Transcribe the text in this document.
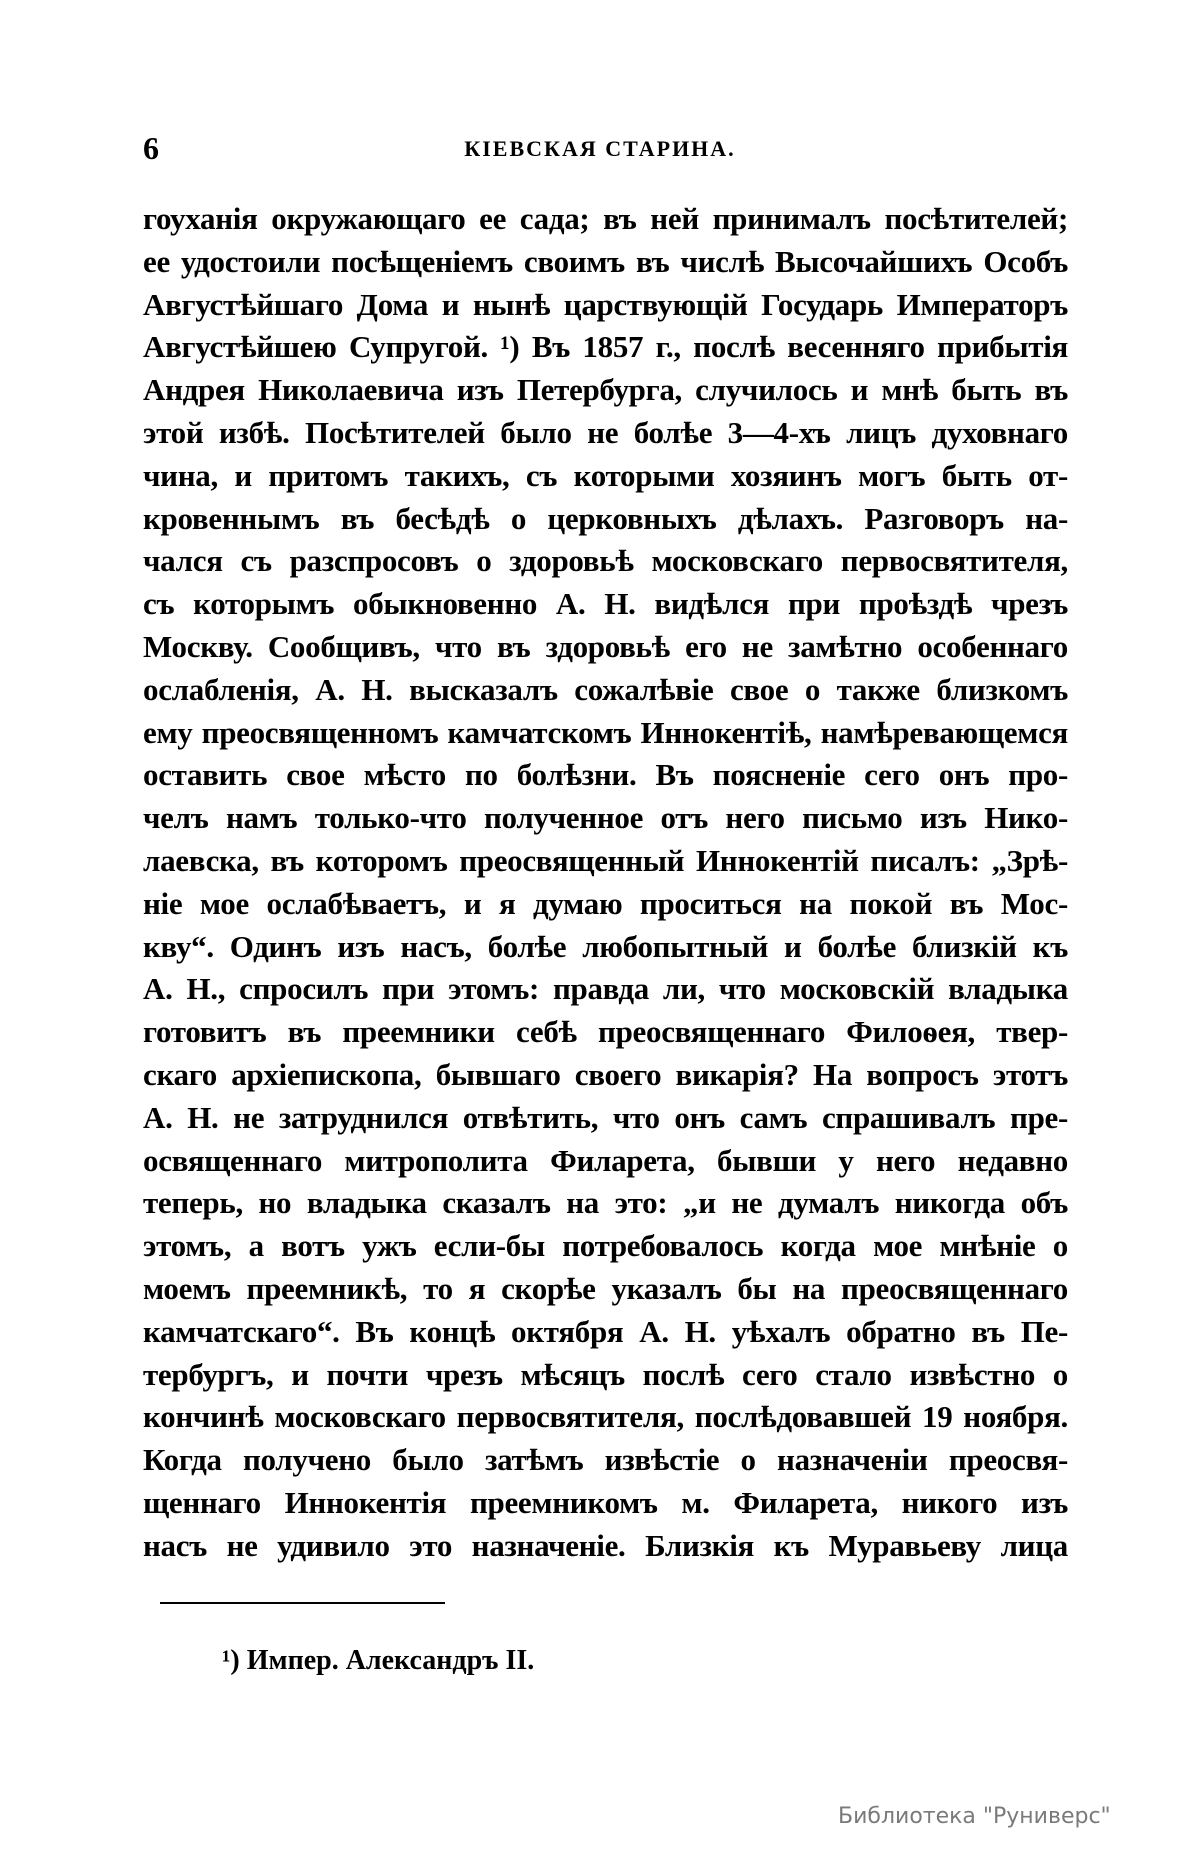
6	КІЕВСКАЯ СТАРИНА.
гоуханія окружающаго ее сада; въ ней принималъ посѣтителей;
ее удостоили посѣщеніемъ своимъ въ числѣ Высочайшихъ Особъ
Августѣйшаго Дома и нынѣ царствующій Государь Императоръ
Августѣйшею Супругой. ¹) Въ 1857 г., послѣ весенняго прибытія
Андрея Николаевича изъ Петербурга, случилось и мнѣ быть въ
этой избѣ. Посѣтителей было не болѣе 3—4-хъ лицъ духовнаго
чина, и притомъ такихъ, съ которыми хозяинъ могъ быть от-
кровеннымъ въ бесѣдѣ о церковныхъ дѣлахъ. Разговоръ на-
чался съ разспросовъ о здоровьѣ московскаго первосвятителя,
съ которымъ обыкновенно А. Н. видѣлся при проѣздѣ чрезъ
Москву. Сообщивъ, что въ здоровьѣ его не замѣтно особеннаго
ослабленія, А. Н. высказалъ сожалѣвіе свое о также близкомъ
ему преосвященномъ камчатскомъ Иннокентіѣ, намѣревающемся
оставить свое мѣсто по болѣзни. Въ поясненіе сего онъ про-
челъ намъ только-что полученное отъ него письмо изъ Нико-
лаевска, въ которомъ преосвященный Иннокентій писалъ: „Зрѣ-
ніе мое ослабѣваетъ, и я думаю проситься на покой въ Мос-
кву“. Одинъ изъ насъ, болѣе любопытный и болѣе близкій къ
А. Н., спросилъ при этомъ: правда ли, что московскій владыка
готовитъ въ преемники себѣ преосвященнаго Филоѳея, твер-
скаго архіепископа, бывшаго своего викарія? На вопросъ этотъ
А. Н. не затруднился отвѣтить, что онъ самъ спрашивалъ пре-
освященнаго митрополита Филарета, бывши у него недавно
теперь, но владыка сказалъ на это: „и не думалъ никогда объ
этомъ, а вотъ ужъ если-бы потребовалось когда мое мнѣніе о
моемъ преемникѣ, то я скорѣе указалъ бы на преосвященнаго
камчатскаго“. Въ концѣ октября А. Н. уѣхалъ обратно въ Пе-
тербургъ, и почти чрезъ мѣсяцъ послѣ сего стало извѣстно о
кончинѣ московскаго первосвятителя, послѣдовавшей 19 ноября.
Когда получено было затѣмъ извѣстіе о назначеніи преосвя-
щеннаго Иннокентія преемникомъ м. Филарета, никого изъ
насъ не удивило это назначеніе. Близкія къ Муравьеву лица
¹) Импер. Александръ II.
Библиотека "Руниверс"
